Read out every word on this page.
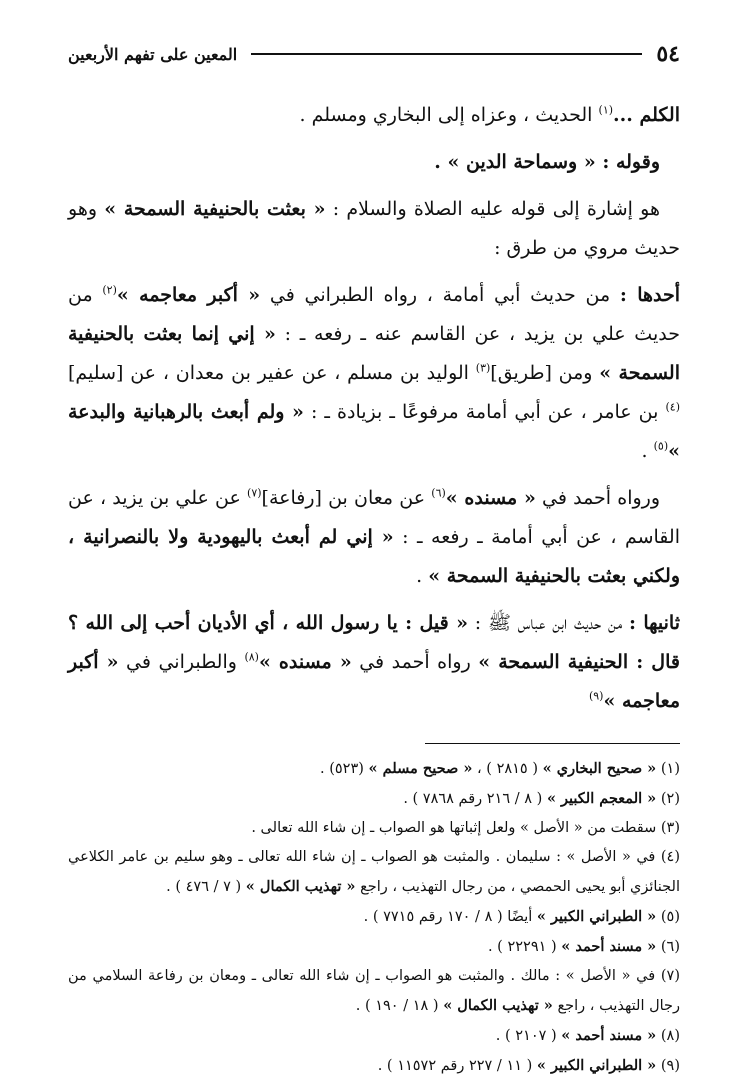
٥٤
المعين على تفهم الأربعين

الكلم ...$^{(١)}$ الحديث ، وعزاه إلى البخاري ومسلم .

وقوله : « وسماحة الدين » .

هو إشارة إلى قوله عليه الصلاة والسلام : « بعثت بالحنيفية السمحة » وهو حديث مروي من طرق :

أحدها : من حديث أبي أمامة ، رواه الطبراني في « أكبر معاجمه »$^{(٢)}$ من حديث علي بن يزيد ، عن القاسم عنه ـ رفعه ـ : « إني إنما بعثت بالحنيفية السمحة » ومن [طريق]$^{(٣)}$ الوليد بن مسلم ، عن عفير بن معدان ، عن [سليم]$^{(٤)}$ بن عامر ، عن أبي أمامة مرفوعًا ـ بزيادة ـ : « ولم أبعث بالرهبانية والبدعة »$^{(٥)}$ .

ورواه أحمد في « مسنده »$^{(٦)}$ عن معان بن [رفاعة]$^{(٧)}$ عن علي بن يزيد ، عن القاسم ، عن أبي أمامة ـ رفعه ـ : « إني لم أبعث باليهودية ولا بالنصرانية ، ولكني بعثت بالحنيفية السمحة » .

ثانيها : من حديث ابن عباس ﷺ : « قيل : يا رسول الله ، أي الأديان أحب إلى الله ؟ قال : الحنيفية السمحة » رواه أحمد في « مسنده »$^{(٨)}$ والطبراني في « أكبر معاجمه »$^{(٩)}$

(١) « صحيح البخاري » ( ٢٨١٥ ) ، « صحيح مسلم » (٥٢٣) .

(٢) « المعجم الكبير » ( ٨ / ٢١٦ رقم ٧٨٦٨ ) .

(٣) سقطت من « الأصل » ولعل إثباتها هو الصواب ـ إن شاء الله تعالى .

(٤) في « الأصل » : سليمان . والمثبت هو الصواب ـ إن شاء الله تعالى ـ وهو سليم بن عامر الكلاعي الجنائزي أبو يحيى الحمصي ، من رجال التهذيب ، راجع « تهذيب الكمال » ( ٧ / ٤٧٦ ) .

(٥) « الطبراني الكبير » أيضًا ( ٨ / ١٧٠ رقم ٧٧١٥ ) .

(٦) « مسند أحمد » ( ٢٢٢٩١ ) .

(٧) في « الأصل » : مالك . والمثبت هو الصواب ـ إن شاء الله تعالى ـ ومعان بن رفاعة السلامي من رجال التهذيب ، راجع « تهذيب الكمال » ( ١٨ / ١٩٠ ) .

(٨) « مسند أحمد » ( ٢١٠٧ ) .

(٩) « الطبراني الكبير » ( ١١ / ٢٢٧ رقم ١١٥٧٢ ) .
